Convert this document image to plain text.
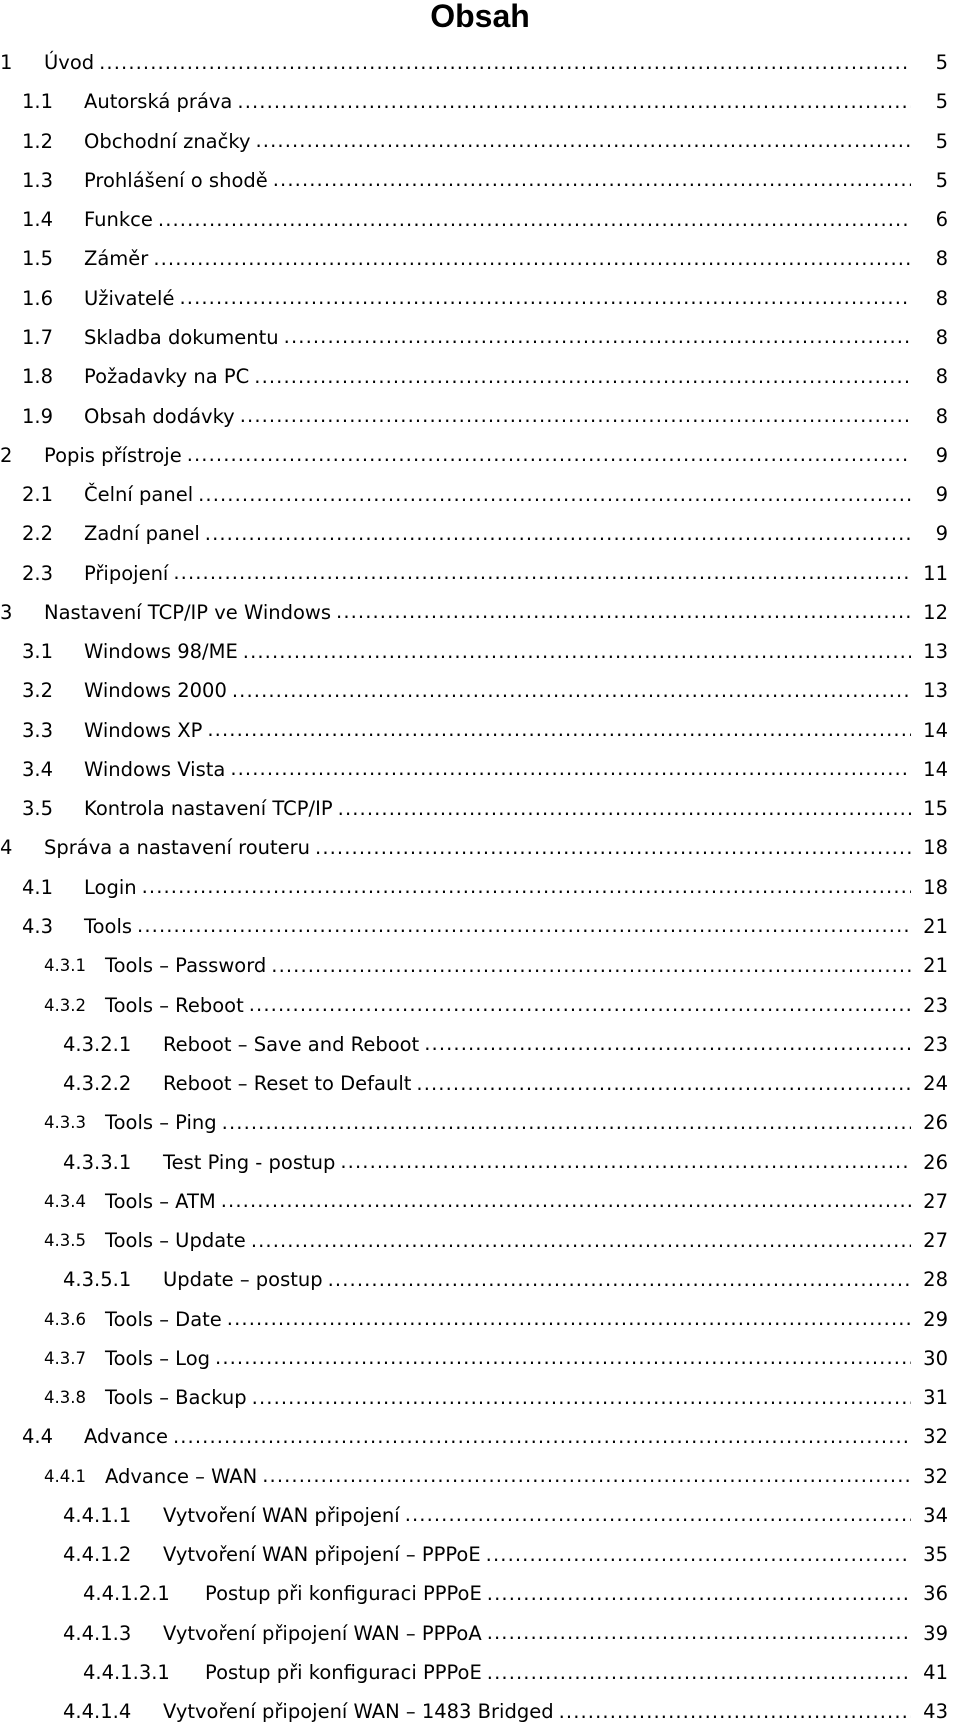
Obsah
1	Úvod .....	5
1.1	Autorská práva .....	5
1.2	Obchodní značky .....	5
1.3	Prohlášení o shodě .....	5
1.4	Funkce .....	6
1.5	Záměr .....	8
1.6	Uživatelé .....	8
1.7	Skladba dokumentu .....	8
1.8	Požadavky na PC .....	8
1.9	Obsah dodávky .....	8
2	Popis přístroje .....	9
2.1	Čelní panel .....	9
2.2	Zadní panel .....	9
2.3	Připojení .....	11
3	Nastavení TCP/IP ve Windows .....	12
3.1	Windows 98/ME .....	13
3.2	Windows 2000 .....	13
3.3	Windows XP .....	14
3.4	Windows Vista .....	14
3.5	Kontrola nastavení TCP/IP .....	15
4	Správa a nastavení routeru .....	18
4.1	Login .....	18
4.3	Tools .....	21
4.3.1 Tools – Password .....	21
4.3.2 Tools – Reboot .....	23
4.3.2.1	Reboot – Save and Reboot .....	23
4.3.2.2	Reboot – Reset to Default .....	24
4.3.3 Tools – Ping .....	26
4.3.3.1	Test Ping - postup .....	26
4.3.4 Tools – ATM .....	27
4.3.5 Tools – Update .....	27
4.3.5.1	Update – postup .....	28
4.3.6 Tools – Date .....	29
4.3.7 Tools – Log .....	30
4.3.8 Tools – Backup .....	31
4.4	Advance .....	32
4.4.1 Advance – WAN .....	32
4.4.1.1	Vytvoření WAN připojení .....	34
4.4.1.2	Vytvoření WAN připojení – PPPoE .....	35
4.4.1.2.1	Postup při konfiguraci PPPoE .....	36
4.4.1.3	Vytvoření připojení WAN – PPPoA .....	39
4.4.1.3.1	Postup při konfiguraci PPPoE .....	41
4.4.1.4	Vytvoření připojení WAN – 1483 Bridged .....	43
